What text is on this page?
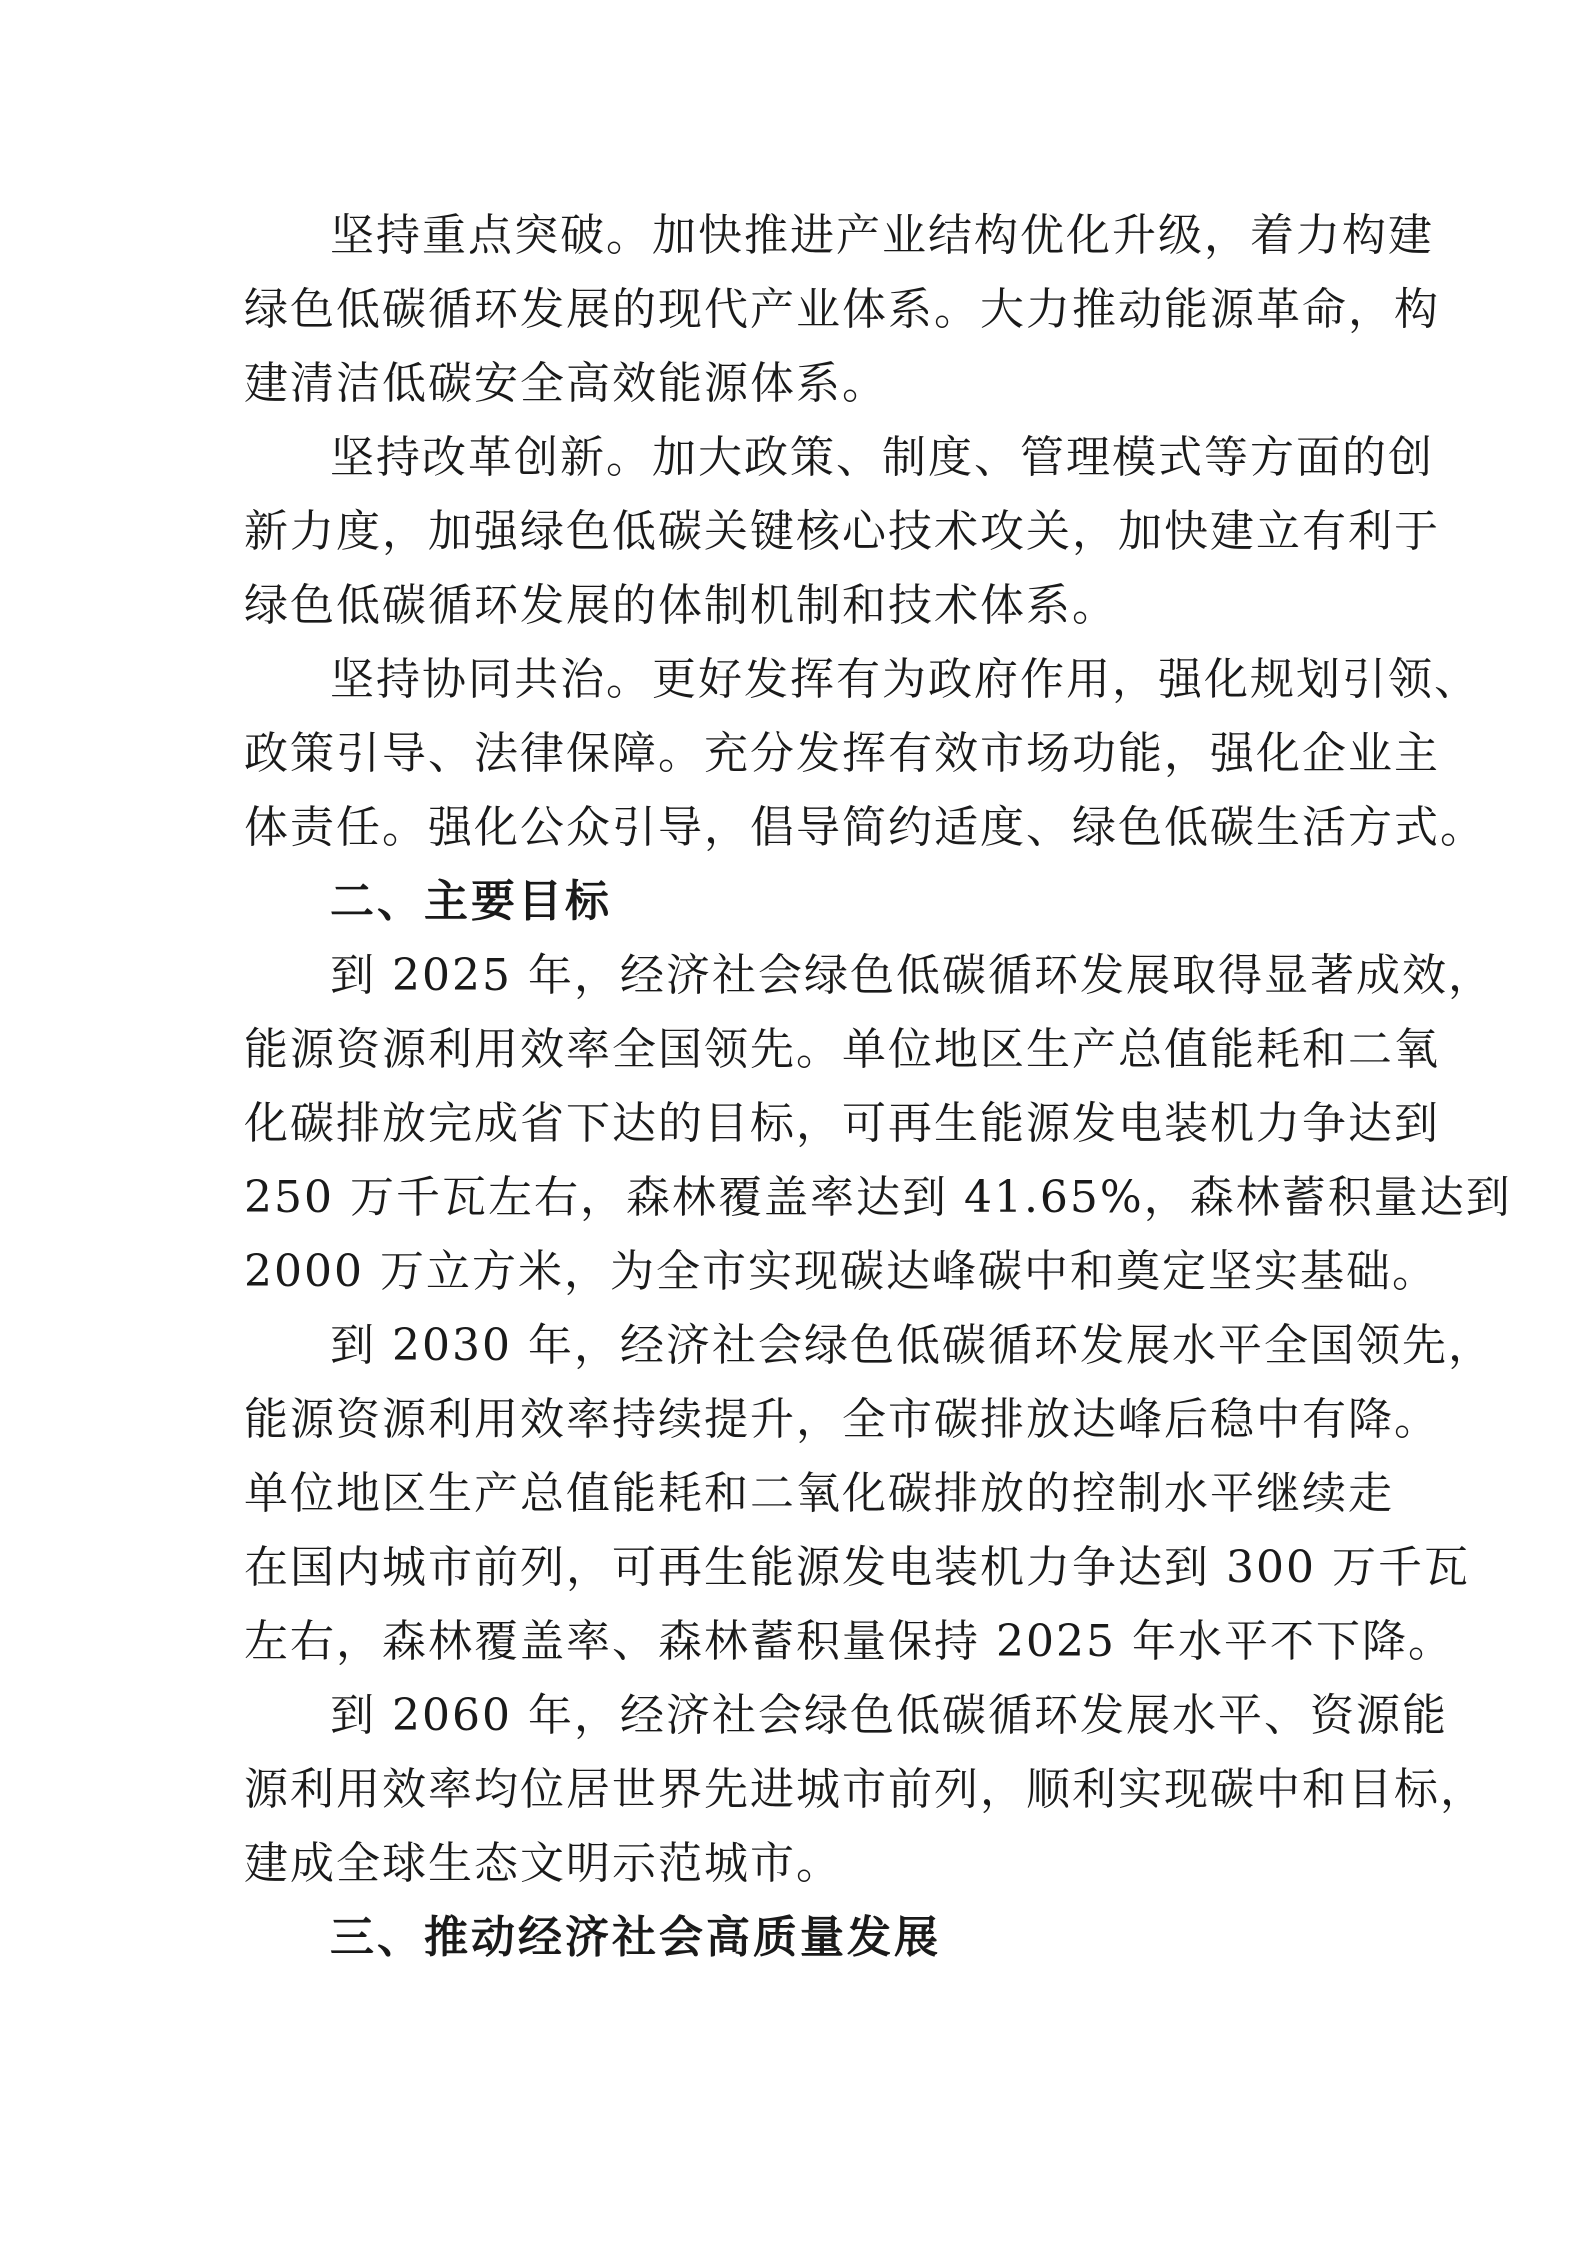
坚持重点突破。加快推进产业结构优化升级，着力构建
绿色低碳循环发展的现代产业体系。大力推动能源革命，构
建清洁低碳安全高效能源体系。
坚持改革创新。加大政策、制度、管理模式等方面的创
新力度，加强绿色低碳关键核心技术攻关，加快建立有利于
绿色低碳循环发展的体制机制和技术体系。
坚持协同共治。更好发挥有为政府作用，强化规划引领、
政策引导、法律保障。充分发挥有效市场功能，强化企业主
体责任。强化公众引导，倡导简约适度、绿色低碳生活方式。
二、主要目标
到 2025 年，经济社会绿色低碳循环发展取得显著成效，
能源资源利用效率全国领先。单位地区生产总值能耗和二氧
化碳排放完成省下达的目标，可再生能源发电装机力争达到
250 万千瓦左右，森林覆盖率达到 41.65%，森林蓄积量达到
2000 万立方米，为全市实现碳达峰碳中和奠定坚实基础。
到 2030 年，经济社会绿色低碳循环发展水平全国领先，
能源资源利用效率持续提升，全市碳排放达峰后稳中有降。
单位地区生产总值能耗和二氧化碳排放的控制水平继续走
在国内城市前列，可再生能源发电装机力争达到 300 万千瓦
左右，森林覆盖率、森林蓄积量保持 2025 年水平不下降。
到 2060 年，经济社会绿色低碳循环发展水平、资源能
源利用效率均位居世界先进城市前列，顺利实现碳中和目标，
建成全球生态文明示范城市。
三、推动经济社会高质量发展
